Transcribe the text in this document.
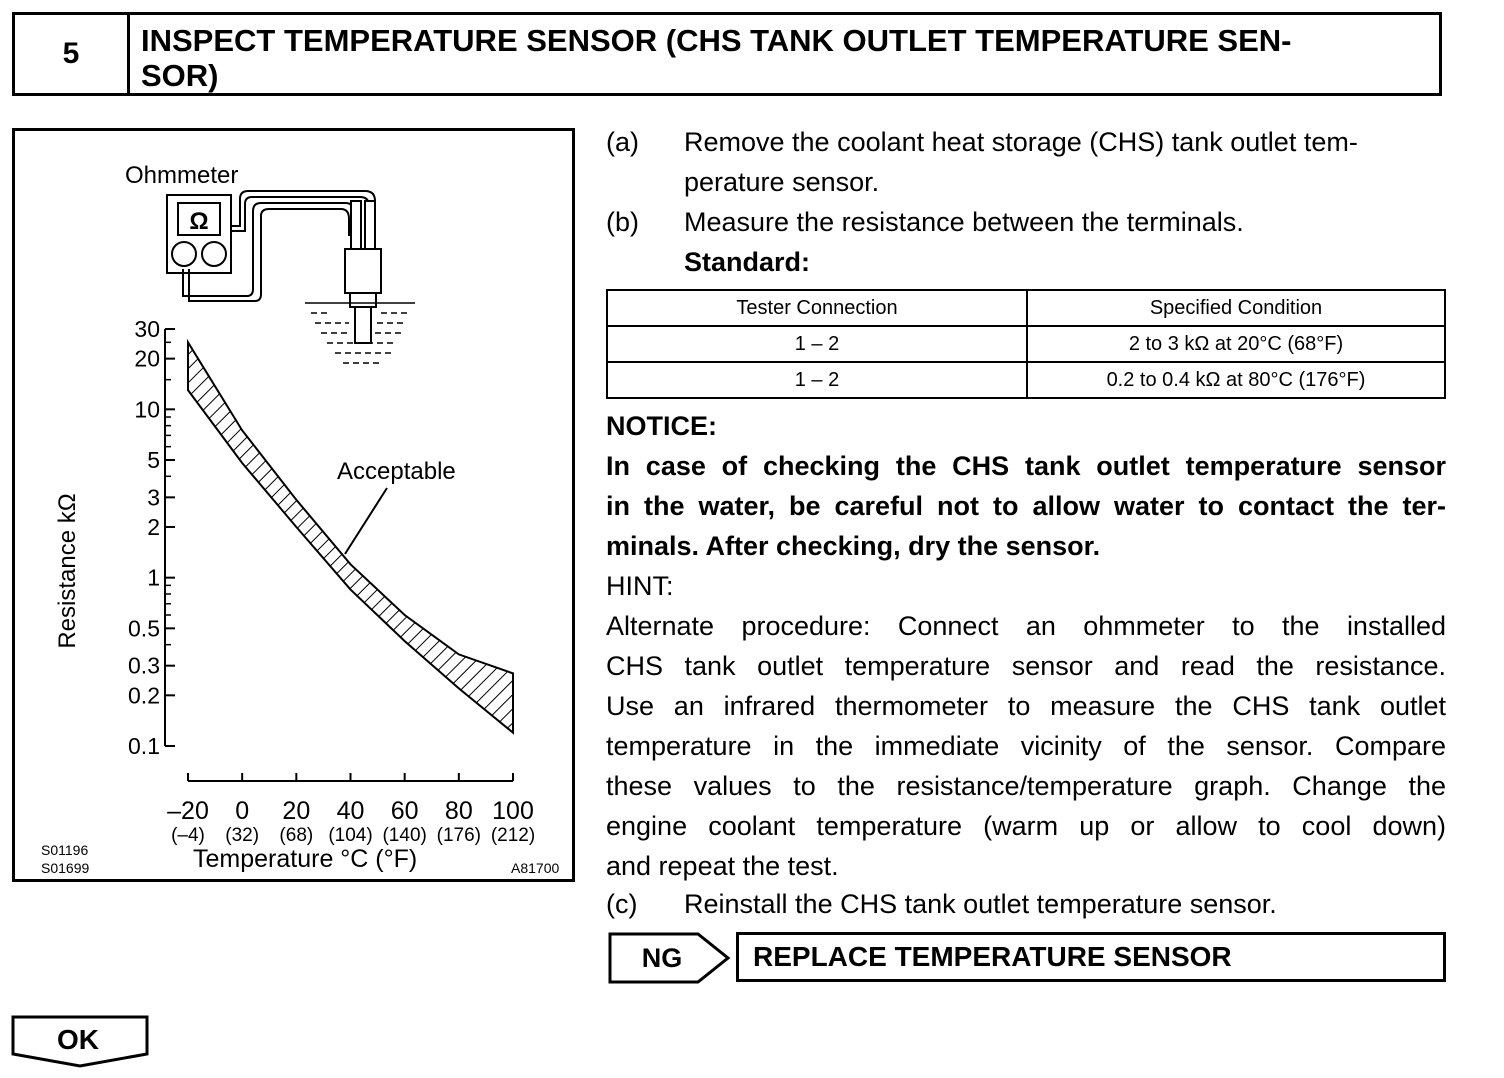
5	INSPECT TEMPERATURE SENSOR (CHS TANK OUTLET TEMPERATURE SEN-
SOR)
Ohmmeter
Ω
30
20
10
5
3
2
1
0.5
0.3
0.2
0.1
–20
(–4)
0
(32)
20
(68)
40
(104)
60
(140)
80
(176)
100
(212)
Acceptable
Resistance kΩ
Temperature °C (°F)
S01196
S01699	A81700
(a)	Remove the coolant heat storage (CHS) tank outlet tem-
perature sensor.
(b)	Measure the resistance between the terminals.
Standard:
Tester Connection	Specified Condition
1 – 2	2 to 3 kΩ at 20°C (68°F)
1 – 2	0.2 to 0.4 kΩ at 80°C (176°F)
NOTICE:
In case of checking the CHS tank outlet temperature sensor
in the water, be careful not to allow water to contact the ter-
minals. After checking, dry the sensor.
HINT:
Alternate procedure: Connect an ohmmeter to the installed
CHS tank outlet temperature sensor and read the resistance.
Use an infrared thermometer to measure the CHS tank outlet
temperature in the immediate vicinity of the sensor. Compare
these values to the resistance/temperature graph. Change the
engine coolant temperature (warm up or allow to cool down)
and repeat the test.
(c)	Reinstall the CHS tank outlet temperature sensor.
NG	REPLACE TEMPERATURE SENSOR
OK
